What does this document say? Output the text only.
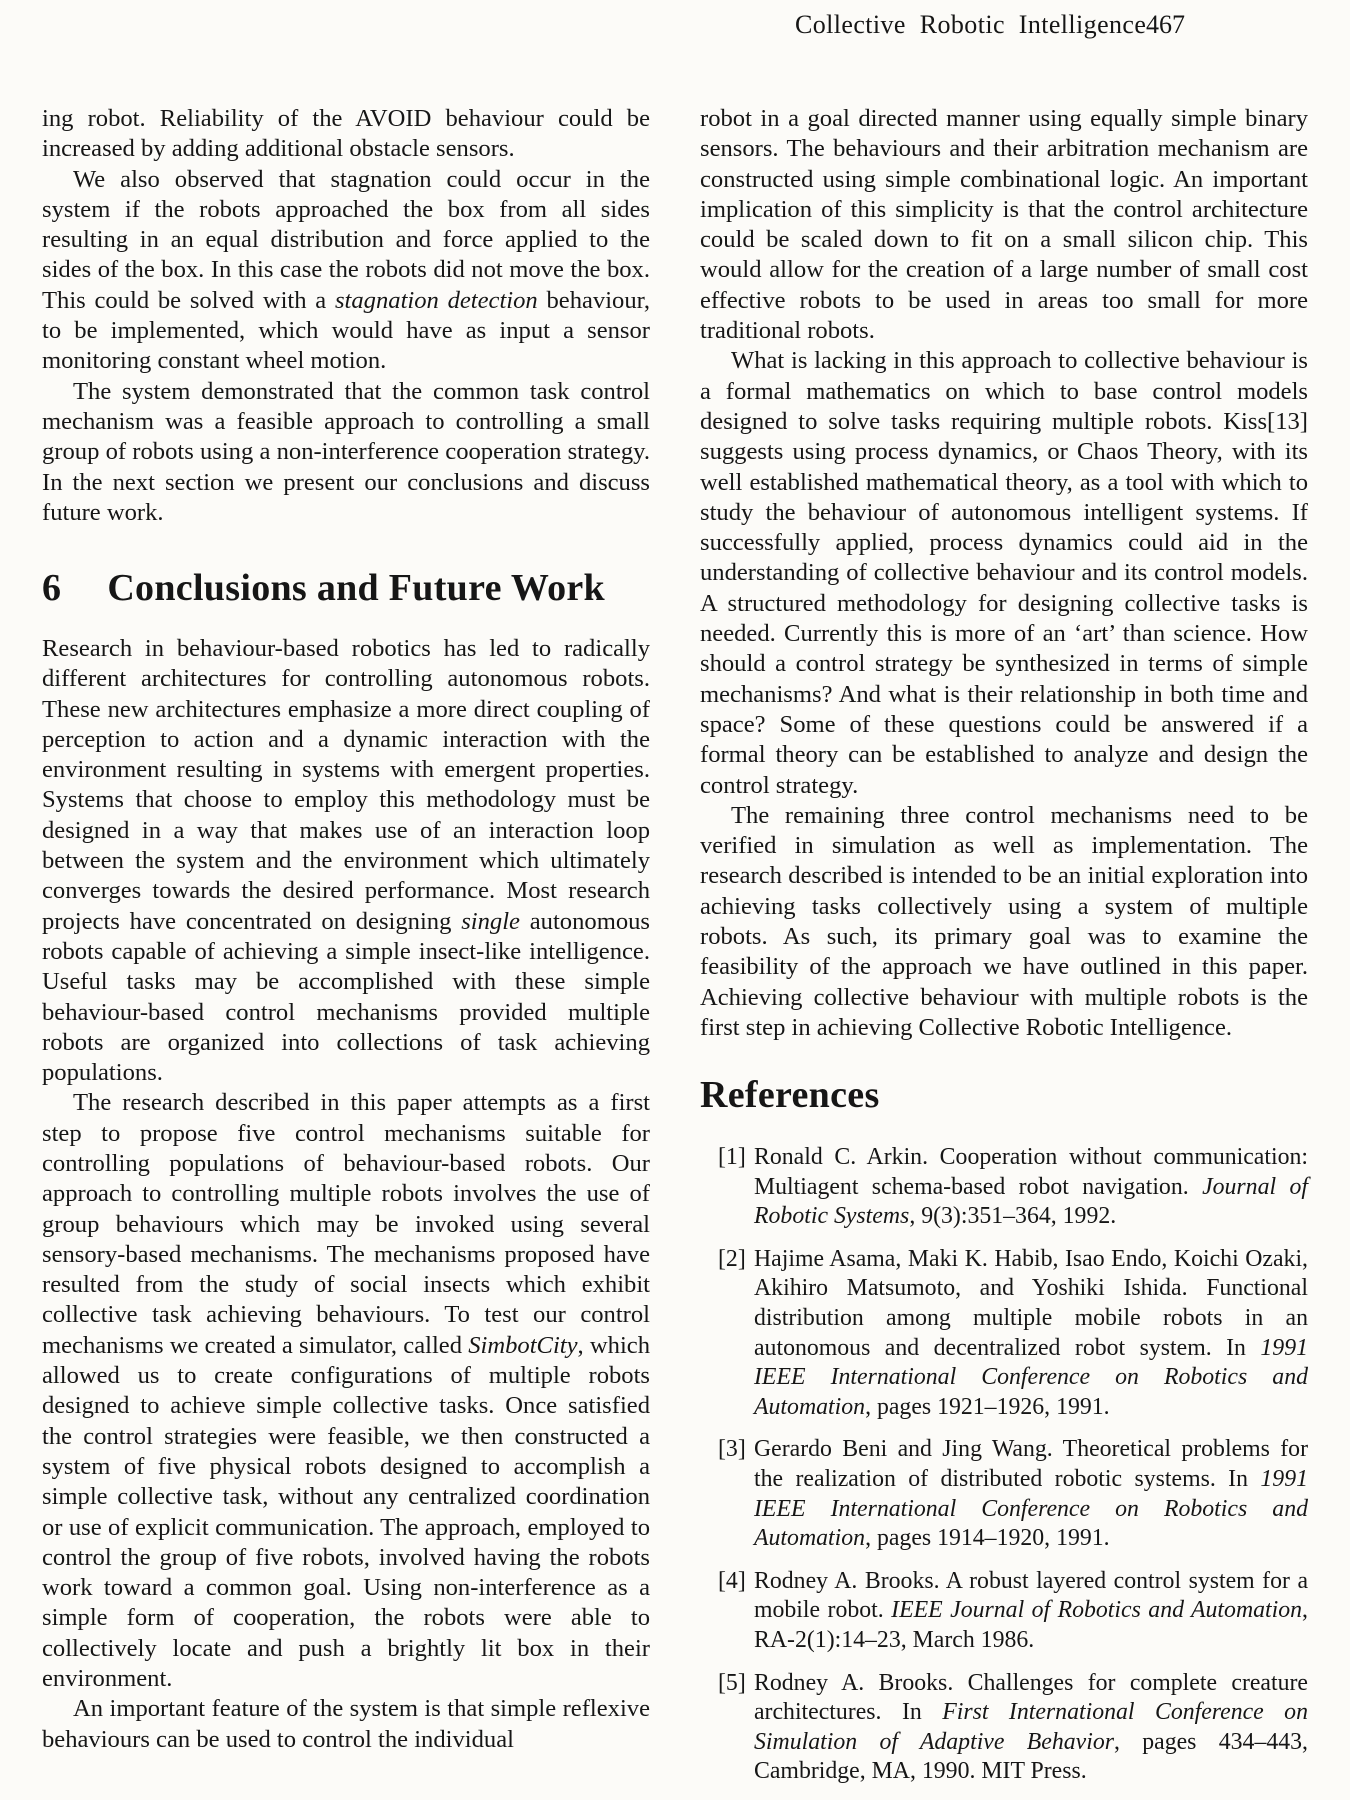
Collective Robotic Intelligence 467

ing robot. Reliability of the AVOID behaviour could be increased by adding additional obstacle sensors.

We also observed that stagnation could occur in the system if the robots approached the box from all sides resulting in an equal distribution and force applied to the sides of the box. In this case the robots did not move the box. This could be solved with a stagnation detection behaviour, to be implemented, which would have as input a sensor monitoring constant wheel motion.

The system demonstrated that the common task control mechanism was a feasible approach to controlling a small group of robots using a non-interference cooperation strategy. In the next section we present our conclusions and discuss future work.

6 Conclusions and Future Work

Research in behaviour-based robotics has led to radically different architectures for controlling autonomous robots. These new architectures emphasize a more direct coupling of perception to action and a dynamic interaction with the environment resulting in systems with emergent properties. Systems that choose to employ this methodology must be designed in a way that makes use of an interaction loop between the system and the environment which ultimately converges towards the desired performance. Most research projects have concentrated on designing single autonomous robots capable of achieving a simple insect-like intelligence. Useful tasks may be accomplished with these simple behaviour-based control mechanisms provided multiple robots are organized into collections of task achieving populations.

The research described in this paper attempts as a first step to propose five control mechanisms suitable for controlling populations of behaviour-based robots. Our approach to controlling multiple robots involves the use of group behaviours which may be invoked using several sensory-based mechanisms. The mechanisms proposed have resulted from the study of social insects which exhibit collective task achieving behaviours. To test our control mechanisms we created a simulator, called SimbotCity, which allowed us to create configurations of multiple robots designed to achieve simple collective tasks. Once satisfied the control strategies were feasible, we then constructed a system of five physical robots designed to accomplish a simple collective task, without any centralized coordination or use of explicit communication. The approach, employed to control the group of five robots, involved having the robots work toward a common goal. Using non-interference as a simple form of cooperation, the robots were able to collectively locate and push a brightly lit box in their environment.

An important feature of the system is that simple reflexive behaviours can be used to control the individual

robot in a goal directed manner using equally simple binary sensors. The behaviours and their arbitration mechanism are constructed using simple combinational logic. An important implication of this simplicity is that the control architecture could be scaled down to fit on a small silicon chip. This would allow for the creation of a large number of small cost effective robots to be used in areas too small for more traditional robots.

What is lacking in this approach to collective behaviour is a formal mathematics on which to base control models designed to solve tasks requiring multiple robots. Kiss[13] suggests using process dynamics, or Chaos Theory, with its well established mathematical theory, as a tool with which to study the behaviour of autonomous intelligent systems. If successfully applied, process dynamics could aid in the understanding of collective behaviour and its control models. A structured methodology for designing collective tasks is needed. Currently this is more of an ‘art’ than science. How should a control strategy be synthesized in terms of simple mechanisms? And what is their relationship in both time and space? Some of these questions could be answered if a formal theory can be established to analyze and design the control strategy.

The remaining three control mechanisms need to be verified in simulation as well as implementation. The research described is intended to be an initial exploration into achieving tasks collectively using a system of multiple robots. As such, its primary goal was to examine the feasibility of the approach we have outlined in this paper. Achieving collective behaviour with multiple robots is the first step in achieving Collective Robotic Intelligence.

References
[1] Ronald C. Arkin. Cooperation without communication: Multiagent schema-based robot navigation. Journal of Robotic Systems, 9(3):351–364, 1992.
[2] Hajime Asama, Maki K. Habib, Isao Endo, Koichi Ozaki, Akihiro Matsumoto, and Yoshiki Ishida. Functional distribution among multiple mobile robots in an autonomous and decentralized robot system. In 1991 IEEE International Conference on Robotics and Automation, pages 1921–1926, 1991.
[3] Gerardo Beni and Jing Wang. Theoretical problems for the realization of distributed robotic systems. In 1991 IEEE International Conference on Robotics and Automation, pages 1914–1920, 1991.
[4] Rodney A. Brooks. A robust layered control system for a mobile robot. IEEE Journal of Robotics and Automation, RA-2(1):14–23, March 1986.
[5] Rodney A. Brooks. Challenges for complete creature architectures. In First International Conference on Simulation of Adaptive Behavior, pages 434–443, Cambridge, MA, 1990. MIT Press.
